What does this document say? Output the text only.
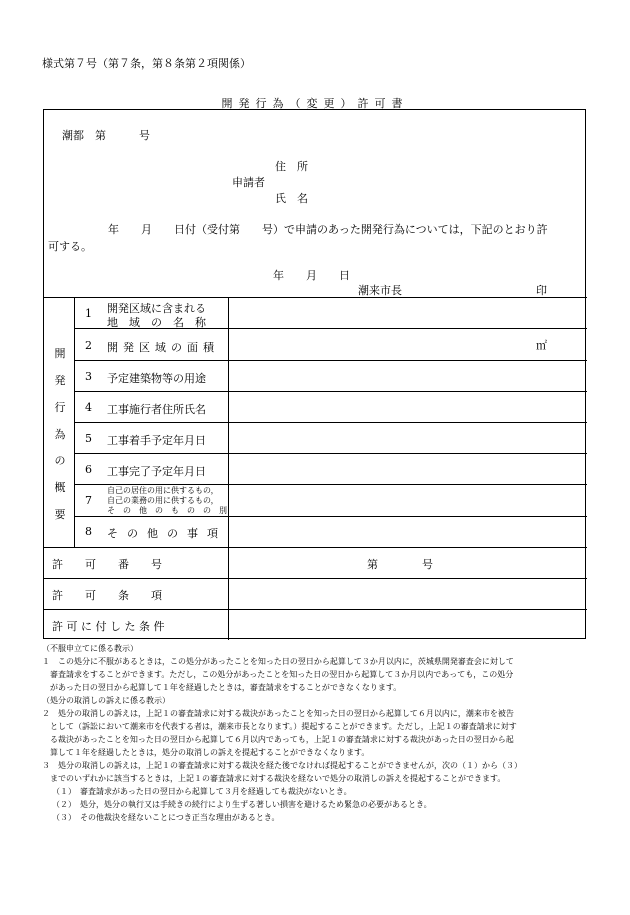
様式第７号（第７条，第８条第２項関係）
開発行為（変更）許可書
潮都　第　　　号
住　所
申請者
氏　名
年　　月　　日付（受付第　　号）で申請のあった開発行為については，下記のとおり許
可する。
年　　月　　日
潮来市長	印
開
発
行
為
の
概
要
1 開発区域に含まれる
地　域　の　名　称
2 開発区域の面積	㎡
3 予定建築物等の用途
4 工事施行者住所氏名
5 工事着手予定年月日
6 工事完了予定年月日
7
自己の居住の用に供するもの，
自己の業務の用に供するもの，
そ　の　他　の　も　の　の　別
8 その他の事項
許　　可　　番　　号	第　　　　号
許　　可　　条　　項
許 可 に 付 し た 条 件
（不服申立てに係る教示）
１　この処分に不服があるときは，この処分があったことを知った日の翌日から起算して３か月以内に，茨城県開発審査会に対して
　審査請求をすることができます。ただし，この処分があったことを知った日の翌日から起算して３か月以内であっても，この処分
　があった日の翌日から起算して１年を経過したときは，審査請求をすることができなくなります。
（処分の取消しの訴えに係る教示）
２　処分の取消しの訴えは，上記１の審査請求に対する裁決があったことを知った日の翌日から起算して６月以内に，潮来市を被告
　として（訴訟において潮来市を代表する者は，潮来市長となります。）提起することができます。ただし，上記１の審査請求に対す
　る裁決があったことを知った日の翌日から起算して６月以内であっても，上記１の審査請求に対する裁決があった日の翌日から起
　算して１年を経過したときは，処分の取消しの訴えを提起することができなくなります。
３　処分の取消しの訴えは，上記１の審査請求に対する裁決を経た後でなければ提起することができませんが，次の（１）から（３）
　までのいずれかに該当するときは，上記１の審査請求に対する裁決を経ないで処分の取消しの訴えを提起することができます。
（１）　審査請求があった日の翌日から起算して３月を経過しても裁決がないとき。
（２）　処分，処分の執行又は手続きの続行により生ずる著しい損害を避けるため緊急の必要があるとき。
（３）　その他裁決を経ないことにつき正当な理由があるとき。
